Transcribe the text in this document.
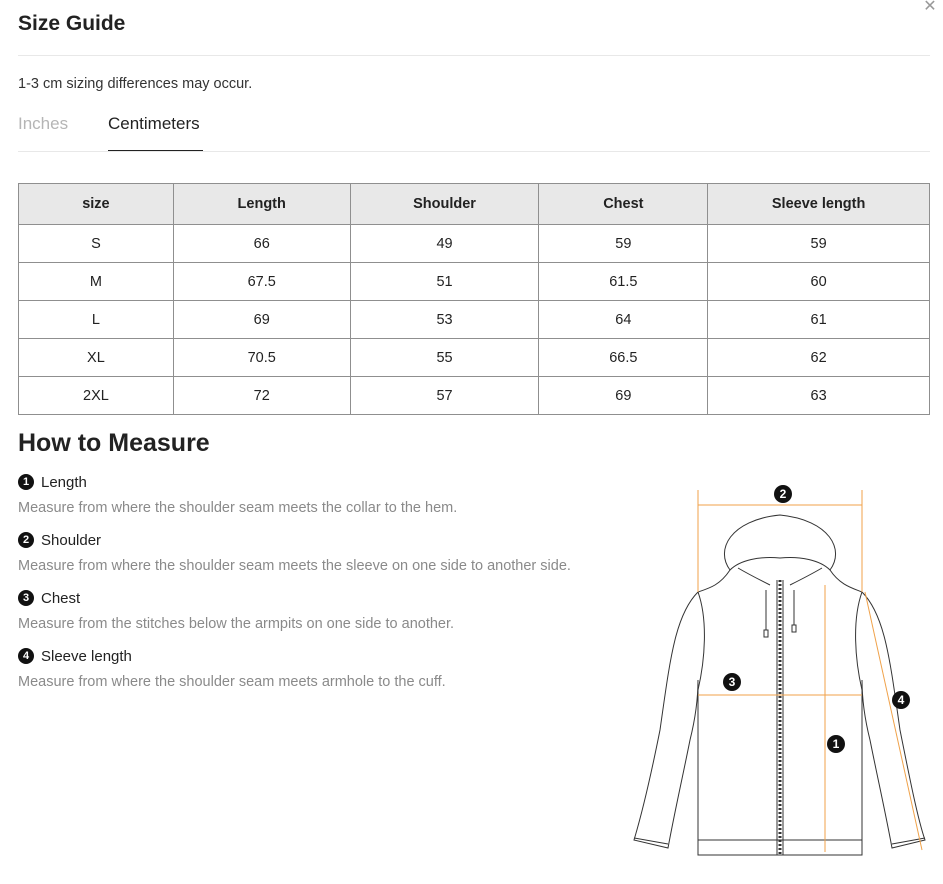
✕
Size Guide
1-3 cm sizing differences may occur.
Inches Centimeters
size	Length	Shoulder	Chest	Sleeve length
S	66	49	59	59
M	67.5	51	61.5	60
L	69	53	64	61
XL	70.5	55	66.5	62
2XL	72	57	69	63
How to Measure
1 Length
Measure from where the shoulder seam meets the collar to the hem.
2 Shoulder
Measure from where the shoulder seam meets the sleeve on one side to another side.
3 Chest
Measure from the stitches below the armpits on one side to another.
4 Sleeve length
Measure from where the shoulder seam meets armhole to the cuff.
2
3
1
4
